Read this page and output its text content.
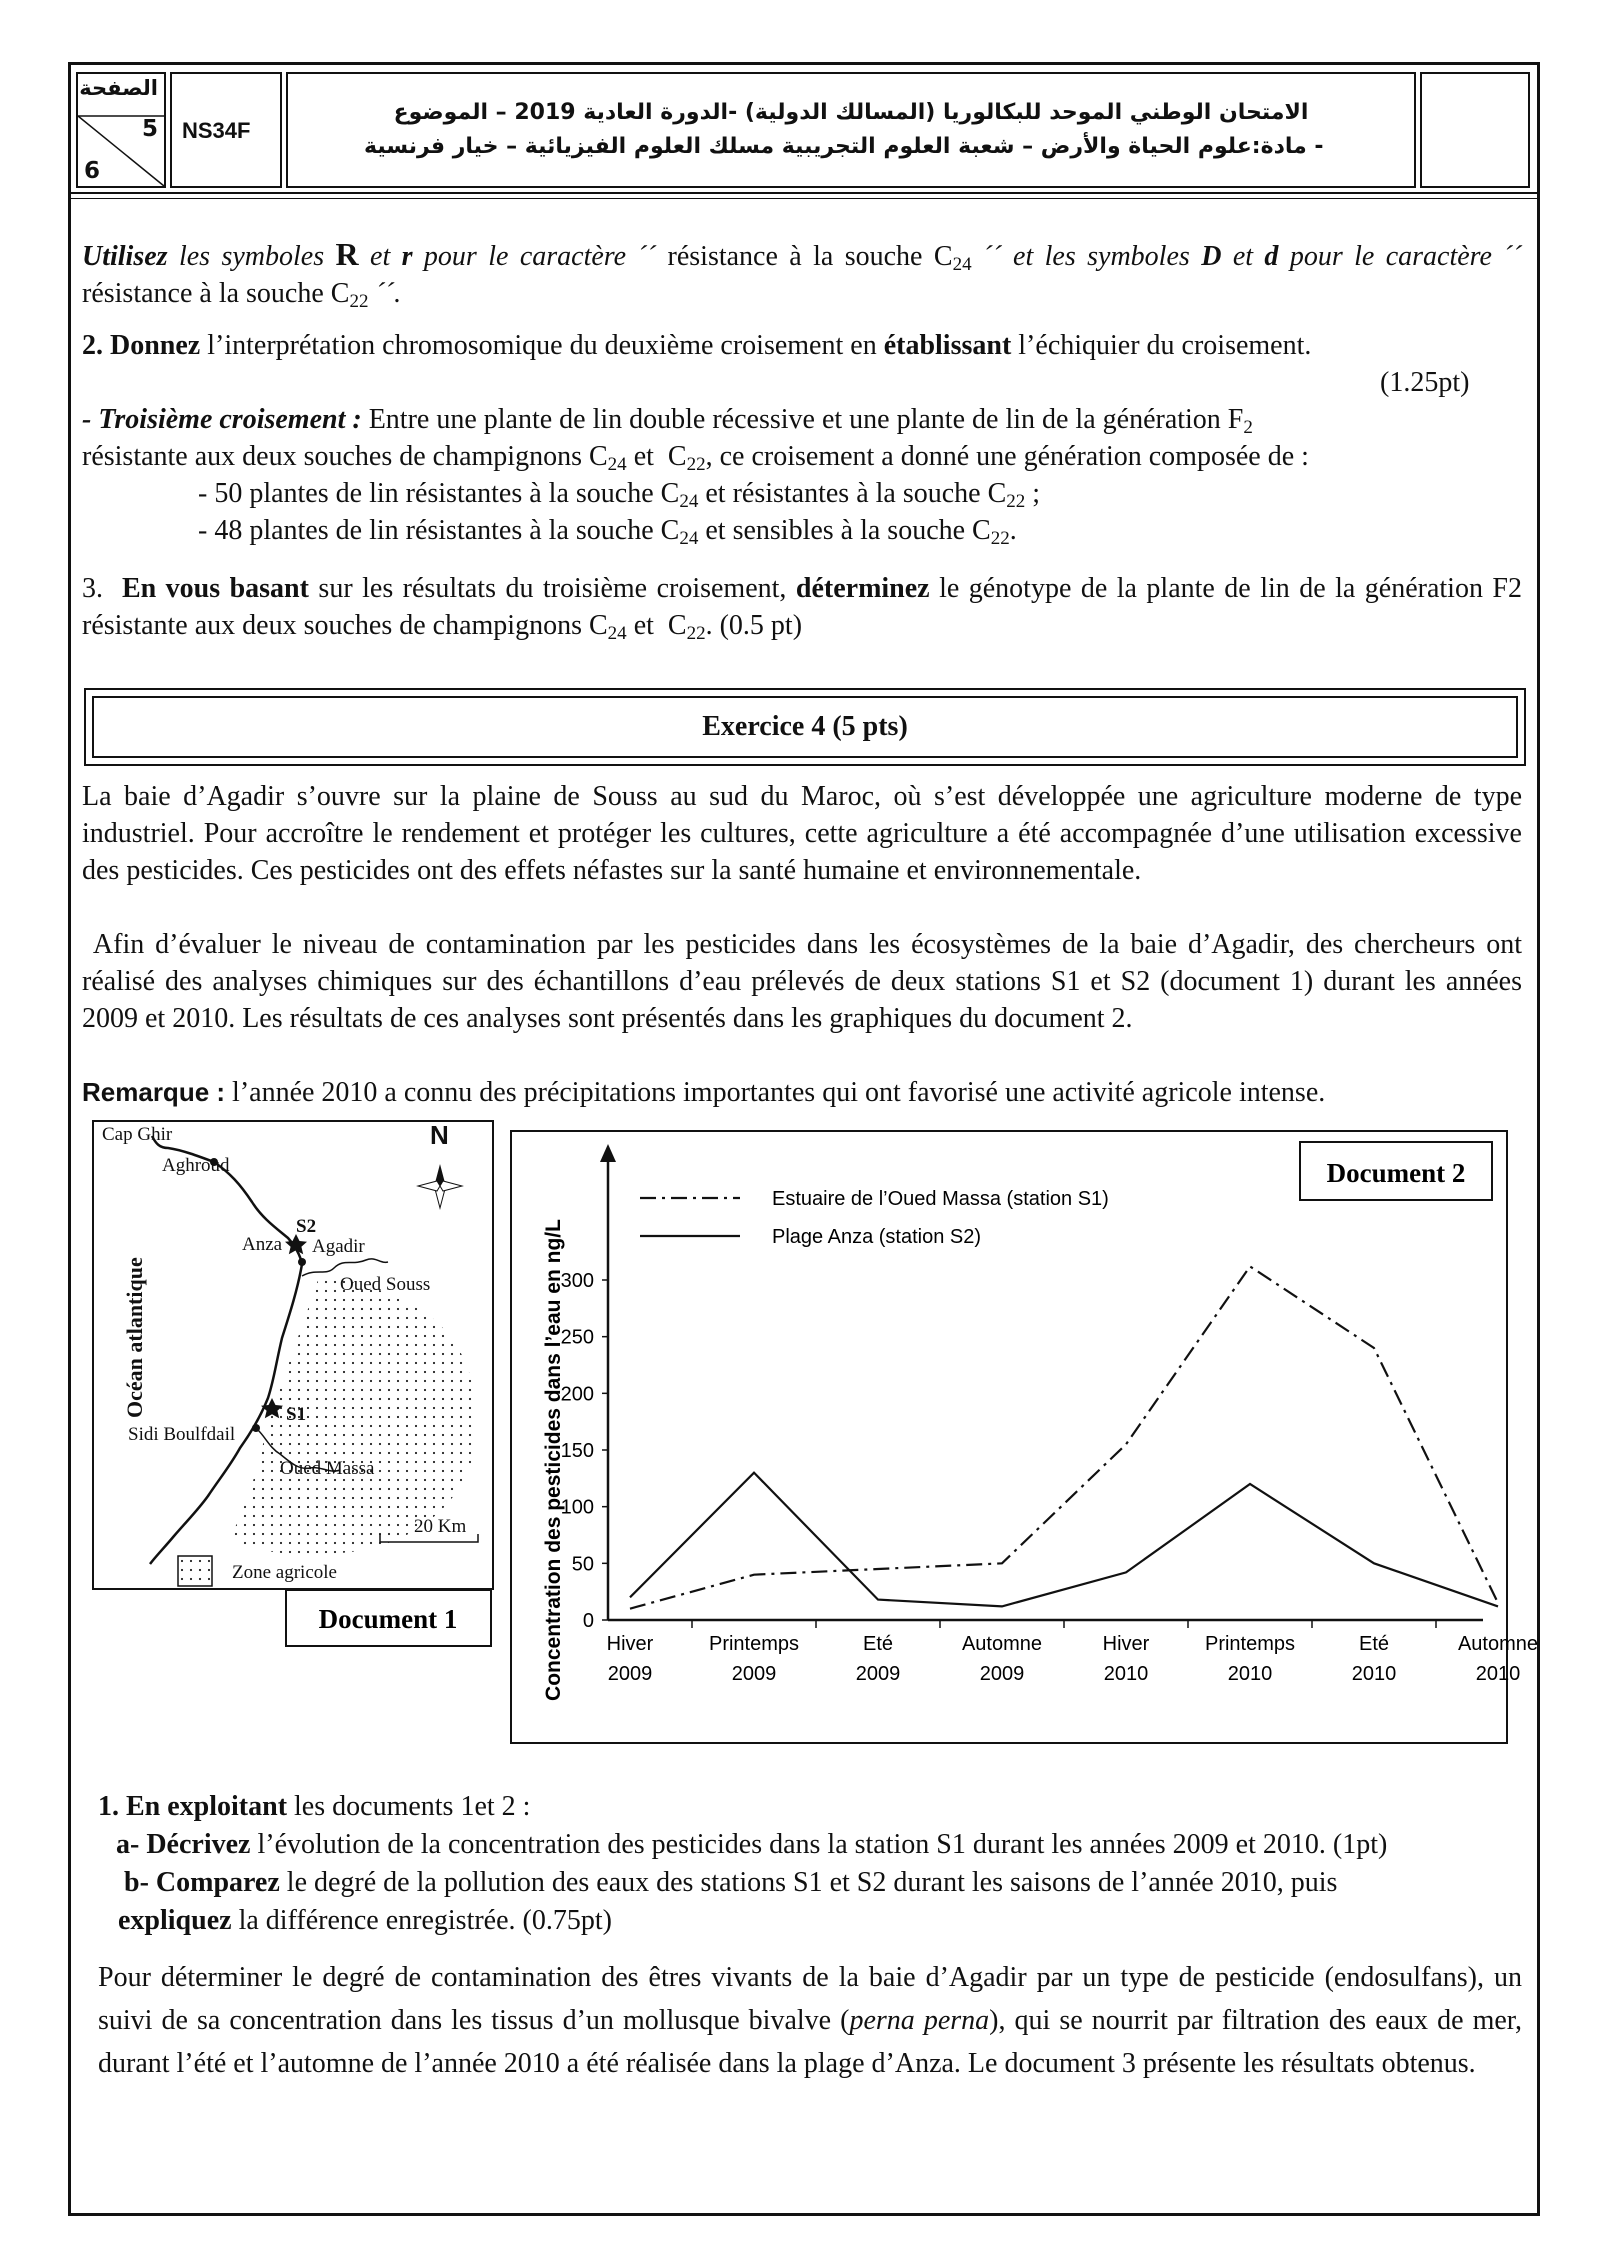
الصفحة
5
6
NS34F
الامتحان الوطني الموحد للبكالوريا (المسالك الدولية) -الدورة العادية 2019 – الموضوع
- مادة:علوم الحياة والأرض – شعبة العلوم التجريبية مسلك العلوم الفيزيائية – خيار فرنسية
Utilisez les symboles R et r pour le caractère ´´ résistance à la souche $C_{24}$ ´´ et les symboles D et d pour le caractère ´´ résistance à la souche $C_{22}$ ´´.
2. Donnez l’interprétation chromosomique du deuxième croisement en établissant l’échiquier du croisement.
(1.25pt)
- Troisième croisement : Entre une plante de lin double récessive et une plante de lin de la génération $F_2$
résistante aux deux souches de champignons $C_{24}$ et  $C_{22}$, ce croisement a donné une génération composée de :
- 50 plantes de lin résistantes à la souche $C_{24}$ et résistantes à la souche $C_{22}$ ;
- 48 plantes de lin résistantes à la souche $C_{24}$ et sensibles à la souche $C_{22}$.
3.  En vous basant sur les résultats du troisième croisement, déterminez le génotype de la plante de lin de la génération F2 résistante aux deux souches de champignons $C_{24}$ et  $C_{22}$. (0.5 pt)
Exercice 4 (5 pts)
La baie d’Agadir s’ouvre sur la plaine de Souss au sud du Maroc, où s’est développée une agriculture moderne de type industriel. Pour accroître le rendement et protéger les cultures, cette agriculture a été accompagnée d’une utilisation excessive des pesticides. Ces pesticides ont des effets néfastes sur la santé humaine et environnementale.
Afin d’évaluer le niveau de contamination par les pesticides dans les écosystèmes de la baie d’Agadir, des chercheurs ont réalisé des analyses chimiques sur des échantillons d’eau prélevés de deux stations S1 et S2 (document 1) durant les années 2009 et 2010. Les résultats de ces analyses sont présentés dans les graphiques du document 2.
Remarque : l’année 2010 a connu des précipitations importantes qui ont favorisé une activité agricole intense.
Cap Ghir
Aghroud
S2
Anza Agadir
Oued Souss
S1
Sidi Boulfdail
Oued Massa
20 Km
Zone agricole
N
Océan atlantique
Document 1
Document 2
Concentration des pesticides dans l’eau en ng/L 0
50
100
150
200
250
300
Hiver
2009
Printemps
2009
Eté
2009
Automne
2009
Hiver
2010
Printemps
2010
Eté
2010
Automne
2010
Estuaire de l’Oued Massa (station S1)
Plage Anza (station S2)
1. En exploitant les documents 1et 2 :
a- Décrivez l’évolution de la concentration des pesticides dans la station S1 durant les années 2009 et 2010. (1pt)
b- Comparez le degré de la pollution des eaux des stations S1 et S2 durant les saisons de l’année 2010, puis
expliquez la différence enregistrée. (0.75pt)
Pour déterminer le degré de contamination des êtres vivants de la baie d’Agadir par un type de pesticide (endosulfans), un suivi de sa concentration dans les tissus d’un mollusque bivalve (perna perna), qui se nourrit par filtration des eaux de mer, durant l’été et l’automne de l’année 2010 a été réalisée dans la plage d’Anza. Le document 3 présente les résultats obtenus.
